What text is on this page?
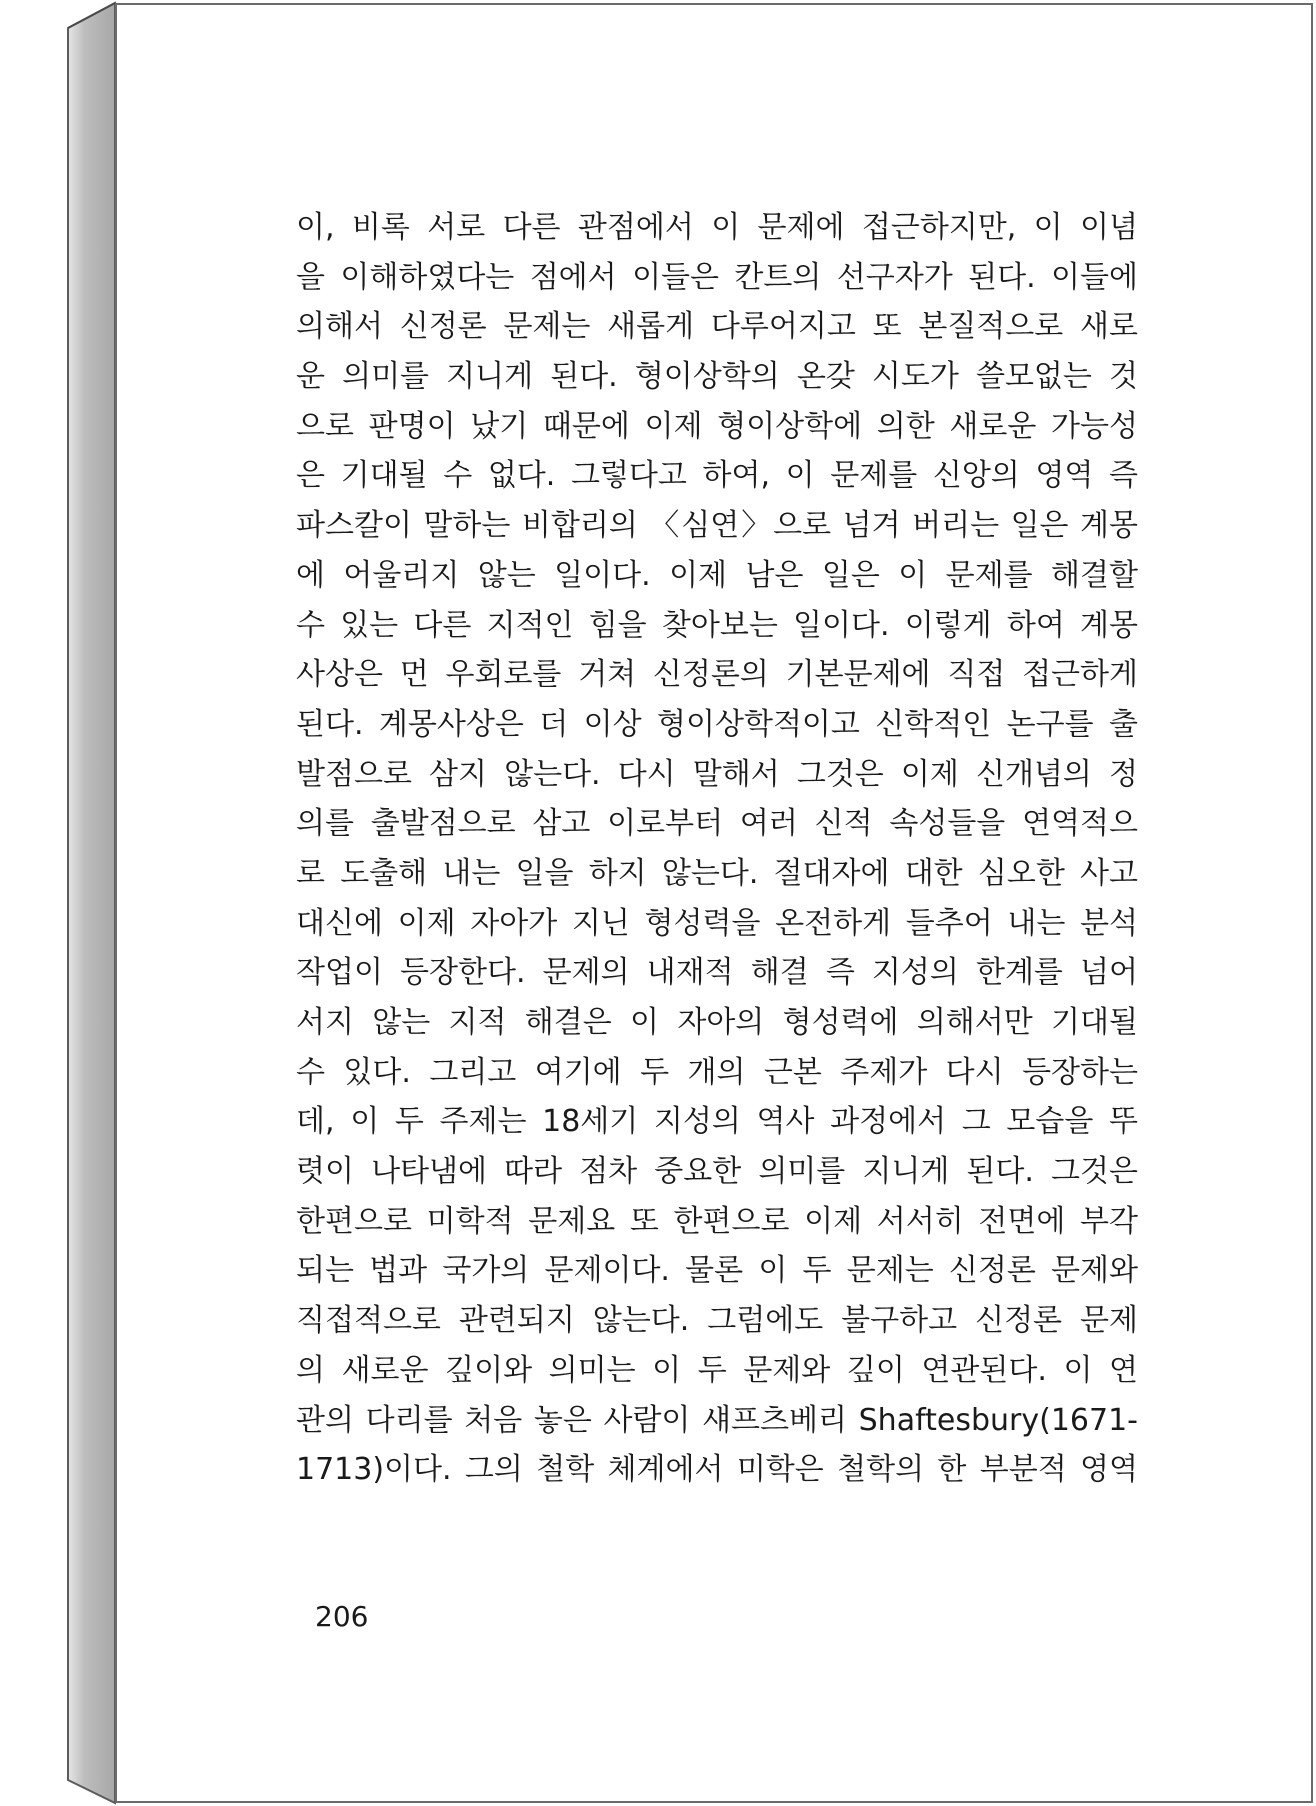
이, 비록 서로 다른 관점에서 이 문제에 접근하지만, 이 이념
을 이해하였다는 점에서 이들은 칸트의 선구자가 된다. 이들에
의해서 신정론 문제는 새롭게 다루어지고 또 본질적으로 새로
운 의미를 지니게 된다. 형이상학의 온갖 시도가 쓸모없는 것
으로 판명이 났기 때문에 이제 형이상학에 의한 새로운 가능성
은 기대될 수 없다. 그렇다고 하여, 이 문제를 신앙의 영역 즉
파스칼이 말하는 비합리의 〈심연〉으로 넘겨 버리는 일은 계몽
에 어울리지 않는 일이다. 이제 남은 일은 이 문제를 해결할
수 있는 다른 지적인 힘을 찾아보는 일이다. 이렇게 하여 계몽
사상은 먼 우회로를 거쳐 신정론의 기본문제에 직접 접근하게
된다. 계몽사상은 더 이상 형이상학적이고 신학적인 논구를 출
발점으로 삼지 않는다. 다시 말해서 그것은 이제 신개념의 정
의를 출발점으로 삼고 이로부터 여러 신적 속성들을 연역적으
로 도출해 내는 일을 하지 않는다. 절대자에 대한 심오한 사고
대신에 이제 자아가 지닌 형성력을 온전하게 들추어 내는 분석
작업이 등장한다. 문제의 내재적 해결 즉 지성의 한계를 넘어
서지 않는 지적 해결은 이 자아의 형성력에 의해서만 기대될
수 있다. 그리고 여기에 두 개의 근본 주제가 다시 등장하는
데, 이 두 주제는 18세기 지성의 역사 과정에서 그 모습을 뚜
렷이 나타냄에 따라 점차 중요한 의미를 지니게 된다. 그것은
한편으로 미학적 문제요 또 한편으로 이제 서서히 전면에 부각
되는 법과 국가의 문제이다. 물론 이 두 문제는 신정론 문제와
직접적으로 관련되지 않는다. 그럼에도 불구하고 신정론 문제
의 새로운 깊이와 의미는 이 두 문제와 깊이 연관된다. 이 연
관의 다리를 처음 놓은 사람이 섀프츠베리 Shaftesbury(1671-
1713)이다. 그의 철학 체계에서 미학은 철학의 한 부분적 영역
206
